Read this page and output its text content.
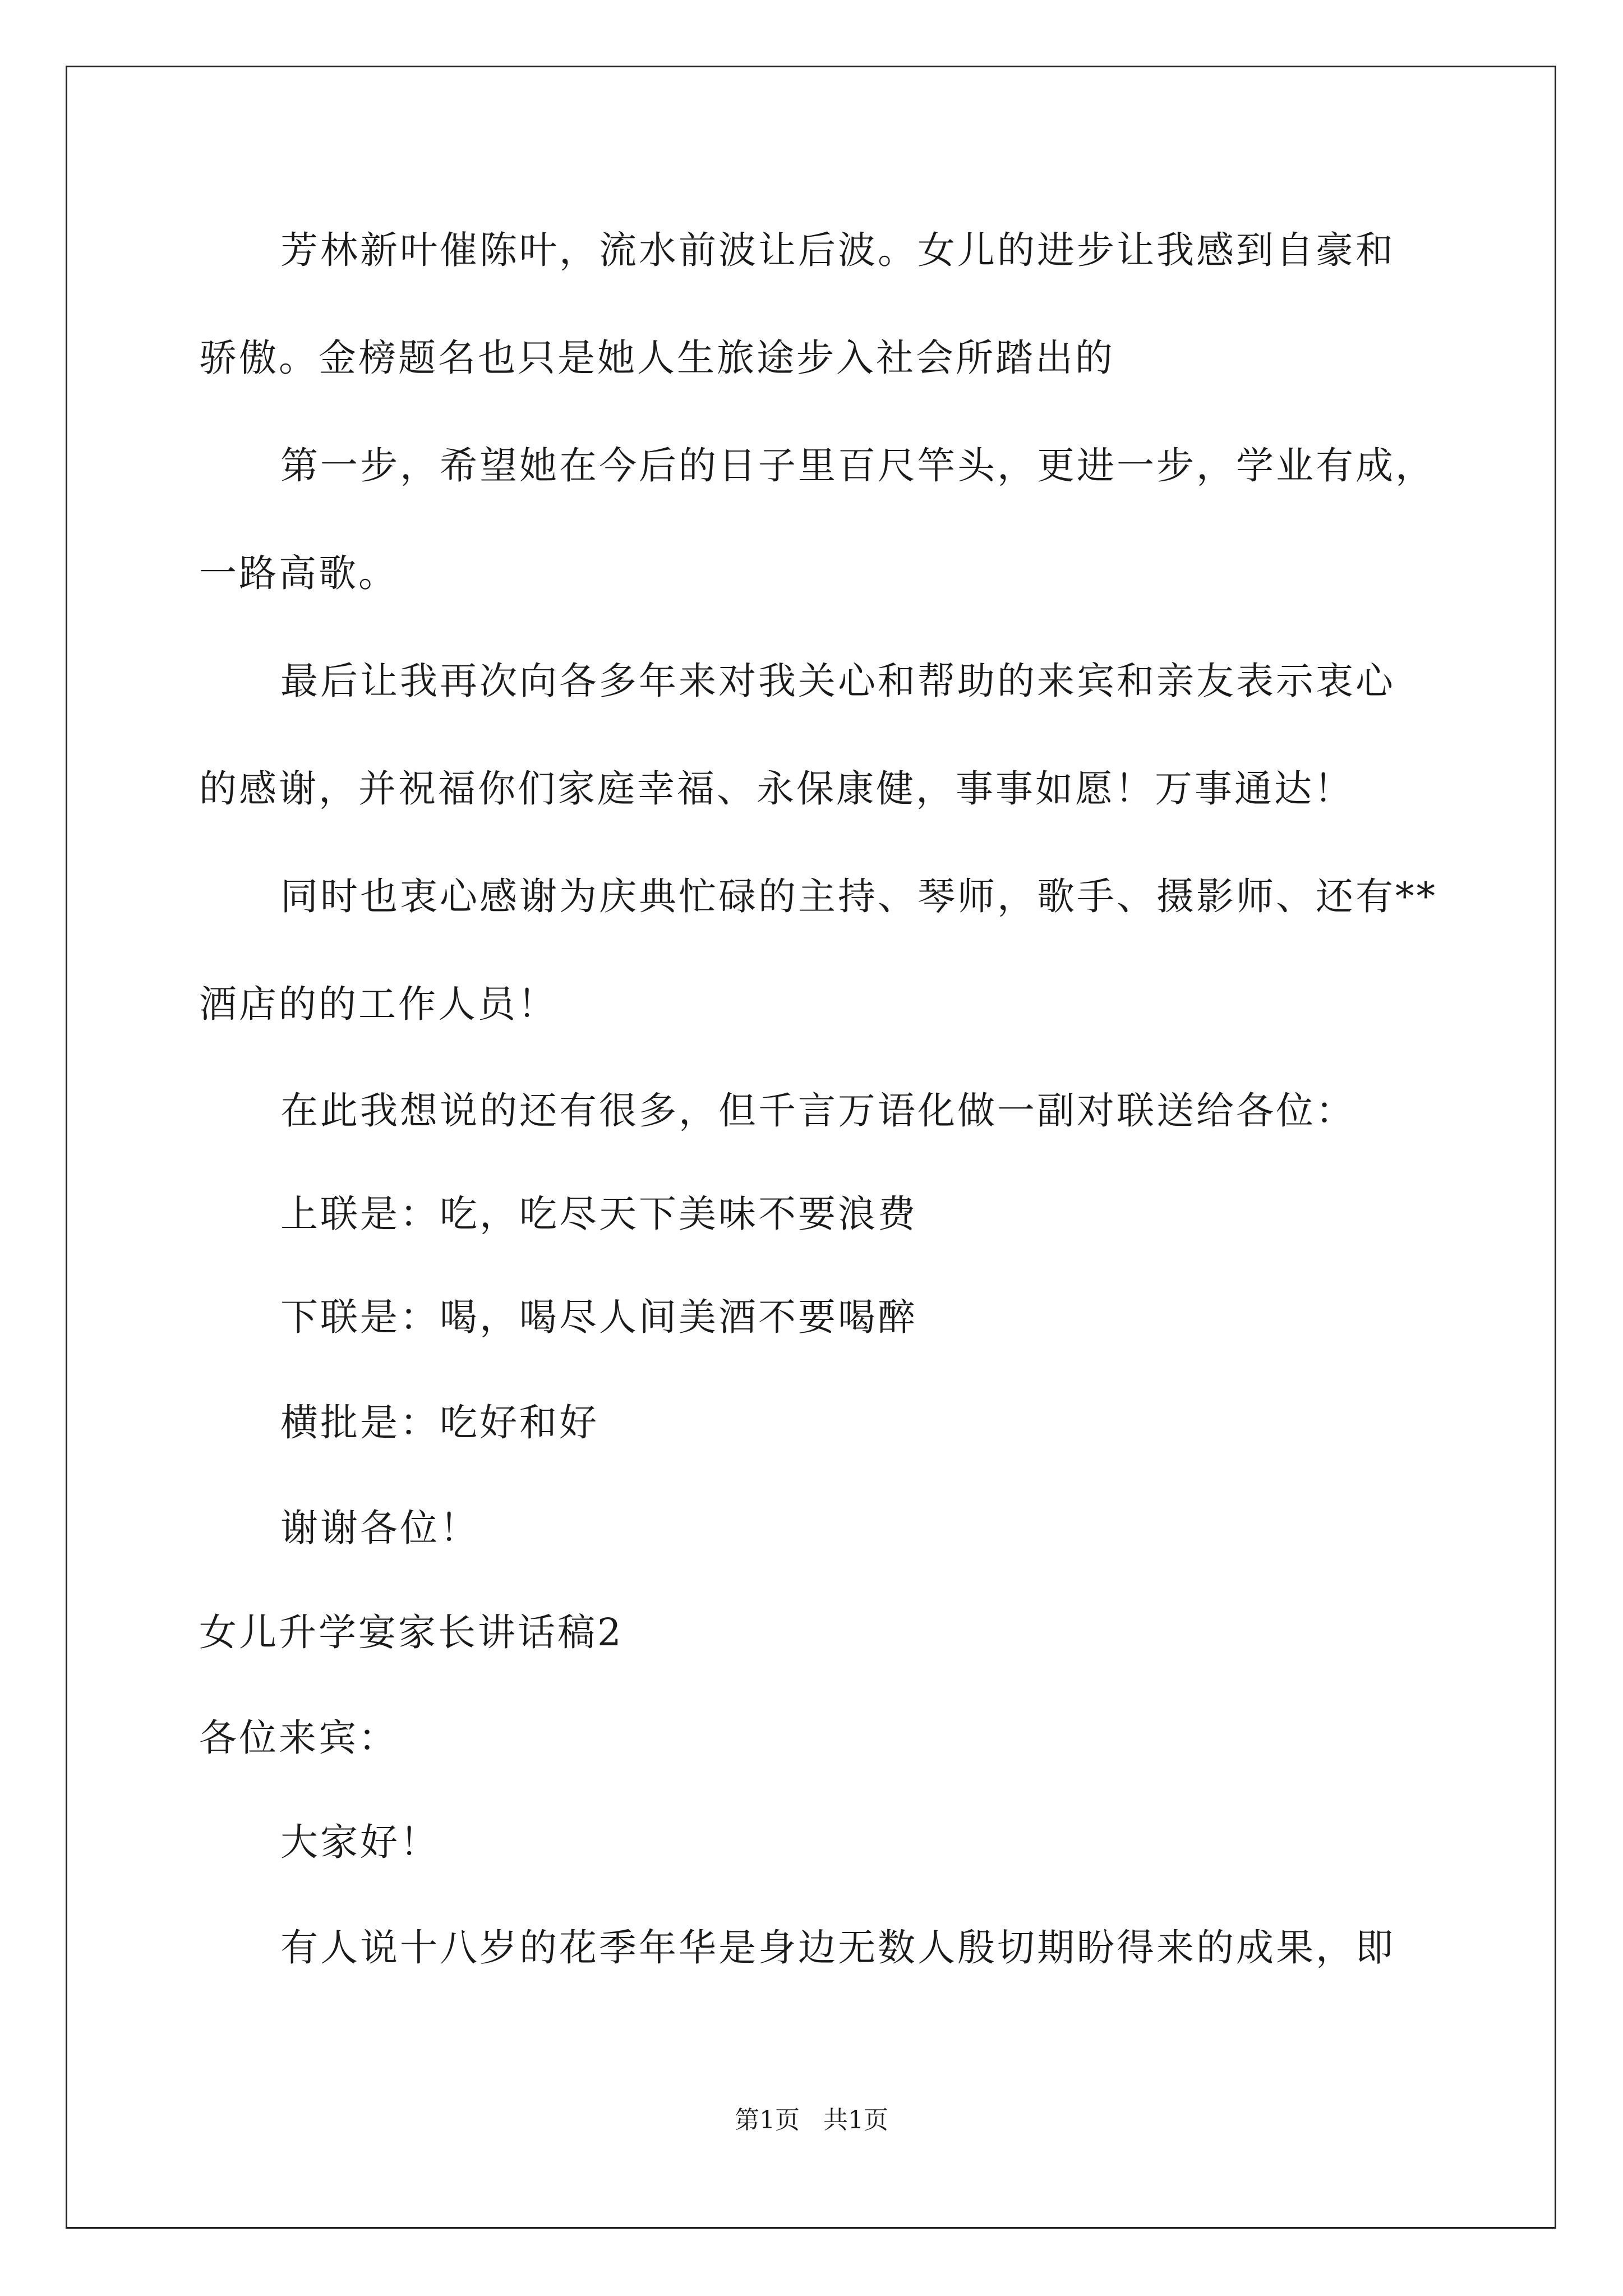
芳林新叶催陈叶，流水前波让后波。女儿的进步让我感到自豪和
骄傲。金榜题名也只是她人生旅途步入社会所踏出的
第一步，希望她在今后的日子里百尺竿头，更进一步，学业有成，
一路高歌。
最后让我再次向各多年来对我关心和帮助的来宾和亲友表示衷心
的感谢，并祝福你们家庭幸福、永保康健，事事如愿！万事通达！
同时也衷心感谢为庆典忙碌的主持、琴师，歌手、摄影师、还有**
酒店的的工作人员！
在此我想说的还有很多，但千言万语化做一副对联送给各位：
上联是：吃，吃尽天下美味不要浪费
下联是：喝，喝尽人间美酒不要喝醉
横批是：吃好和好
谢谢各位！
女儿升学宴家长讲话稿2
各位来宾：
大家好！
有人说十八岁的花季年华是身边无数人殷切期盼得来的成果，即
第1页   共1页
